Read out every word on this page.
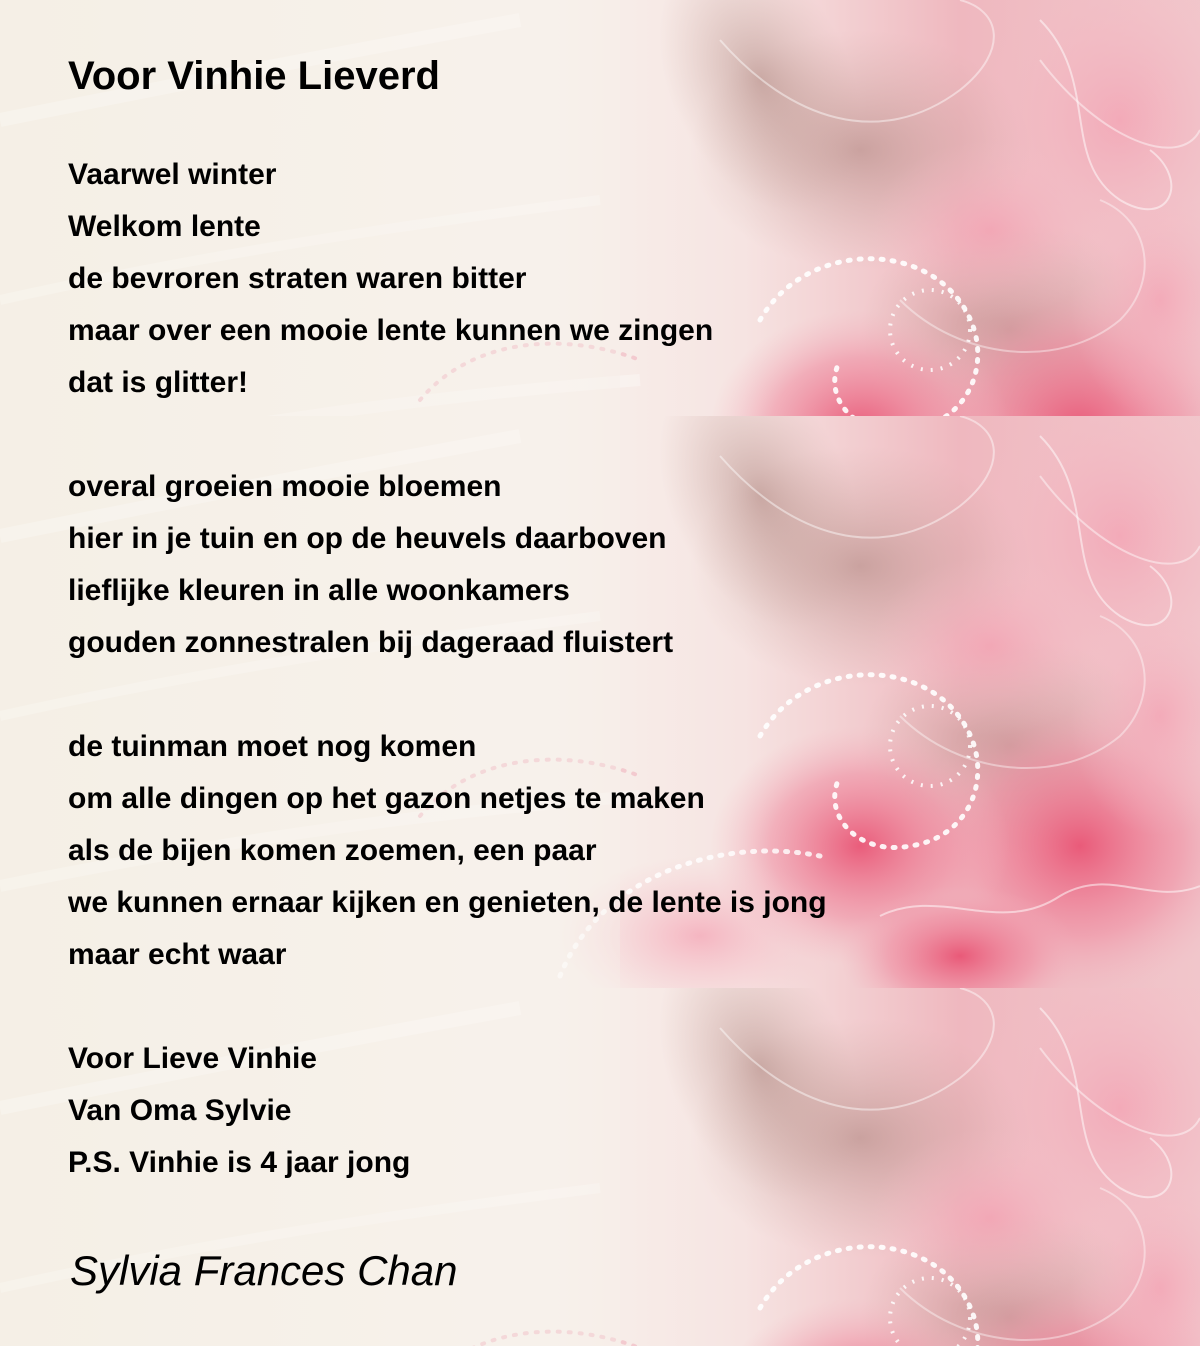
Voor Vinhie Lieverd
Vaarwel winter
Welkom lente
de bevroren straten waren bitter
maar over een mooie lente kunnen we zingen
dat is glitter!
overal groeien mooie bloemen
hier in je tuin en op de heuvels daarboven
lieflijke kleuren in alle woonkamers
gouden zonnestralen bij dageraad fluistert
de tuinman moet nog komen
om alle dingen op het gazon netjes te maken
als de bijen komen zoemen, een paar
we kunnen ernaar kijken en genieten, de lente is jong
maar echt waar
Voor Lieve Vinhie
Van Oma Sylvie
P.S. Vinhie is 4 jaar jong

Sylvia Frances Chan
